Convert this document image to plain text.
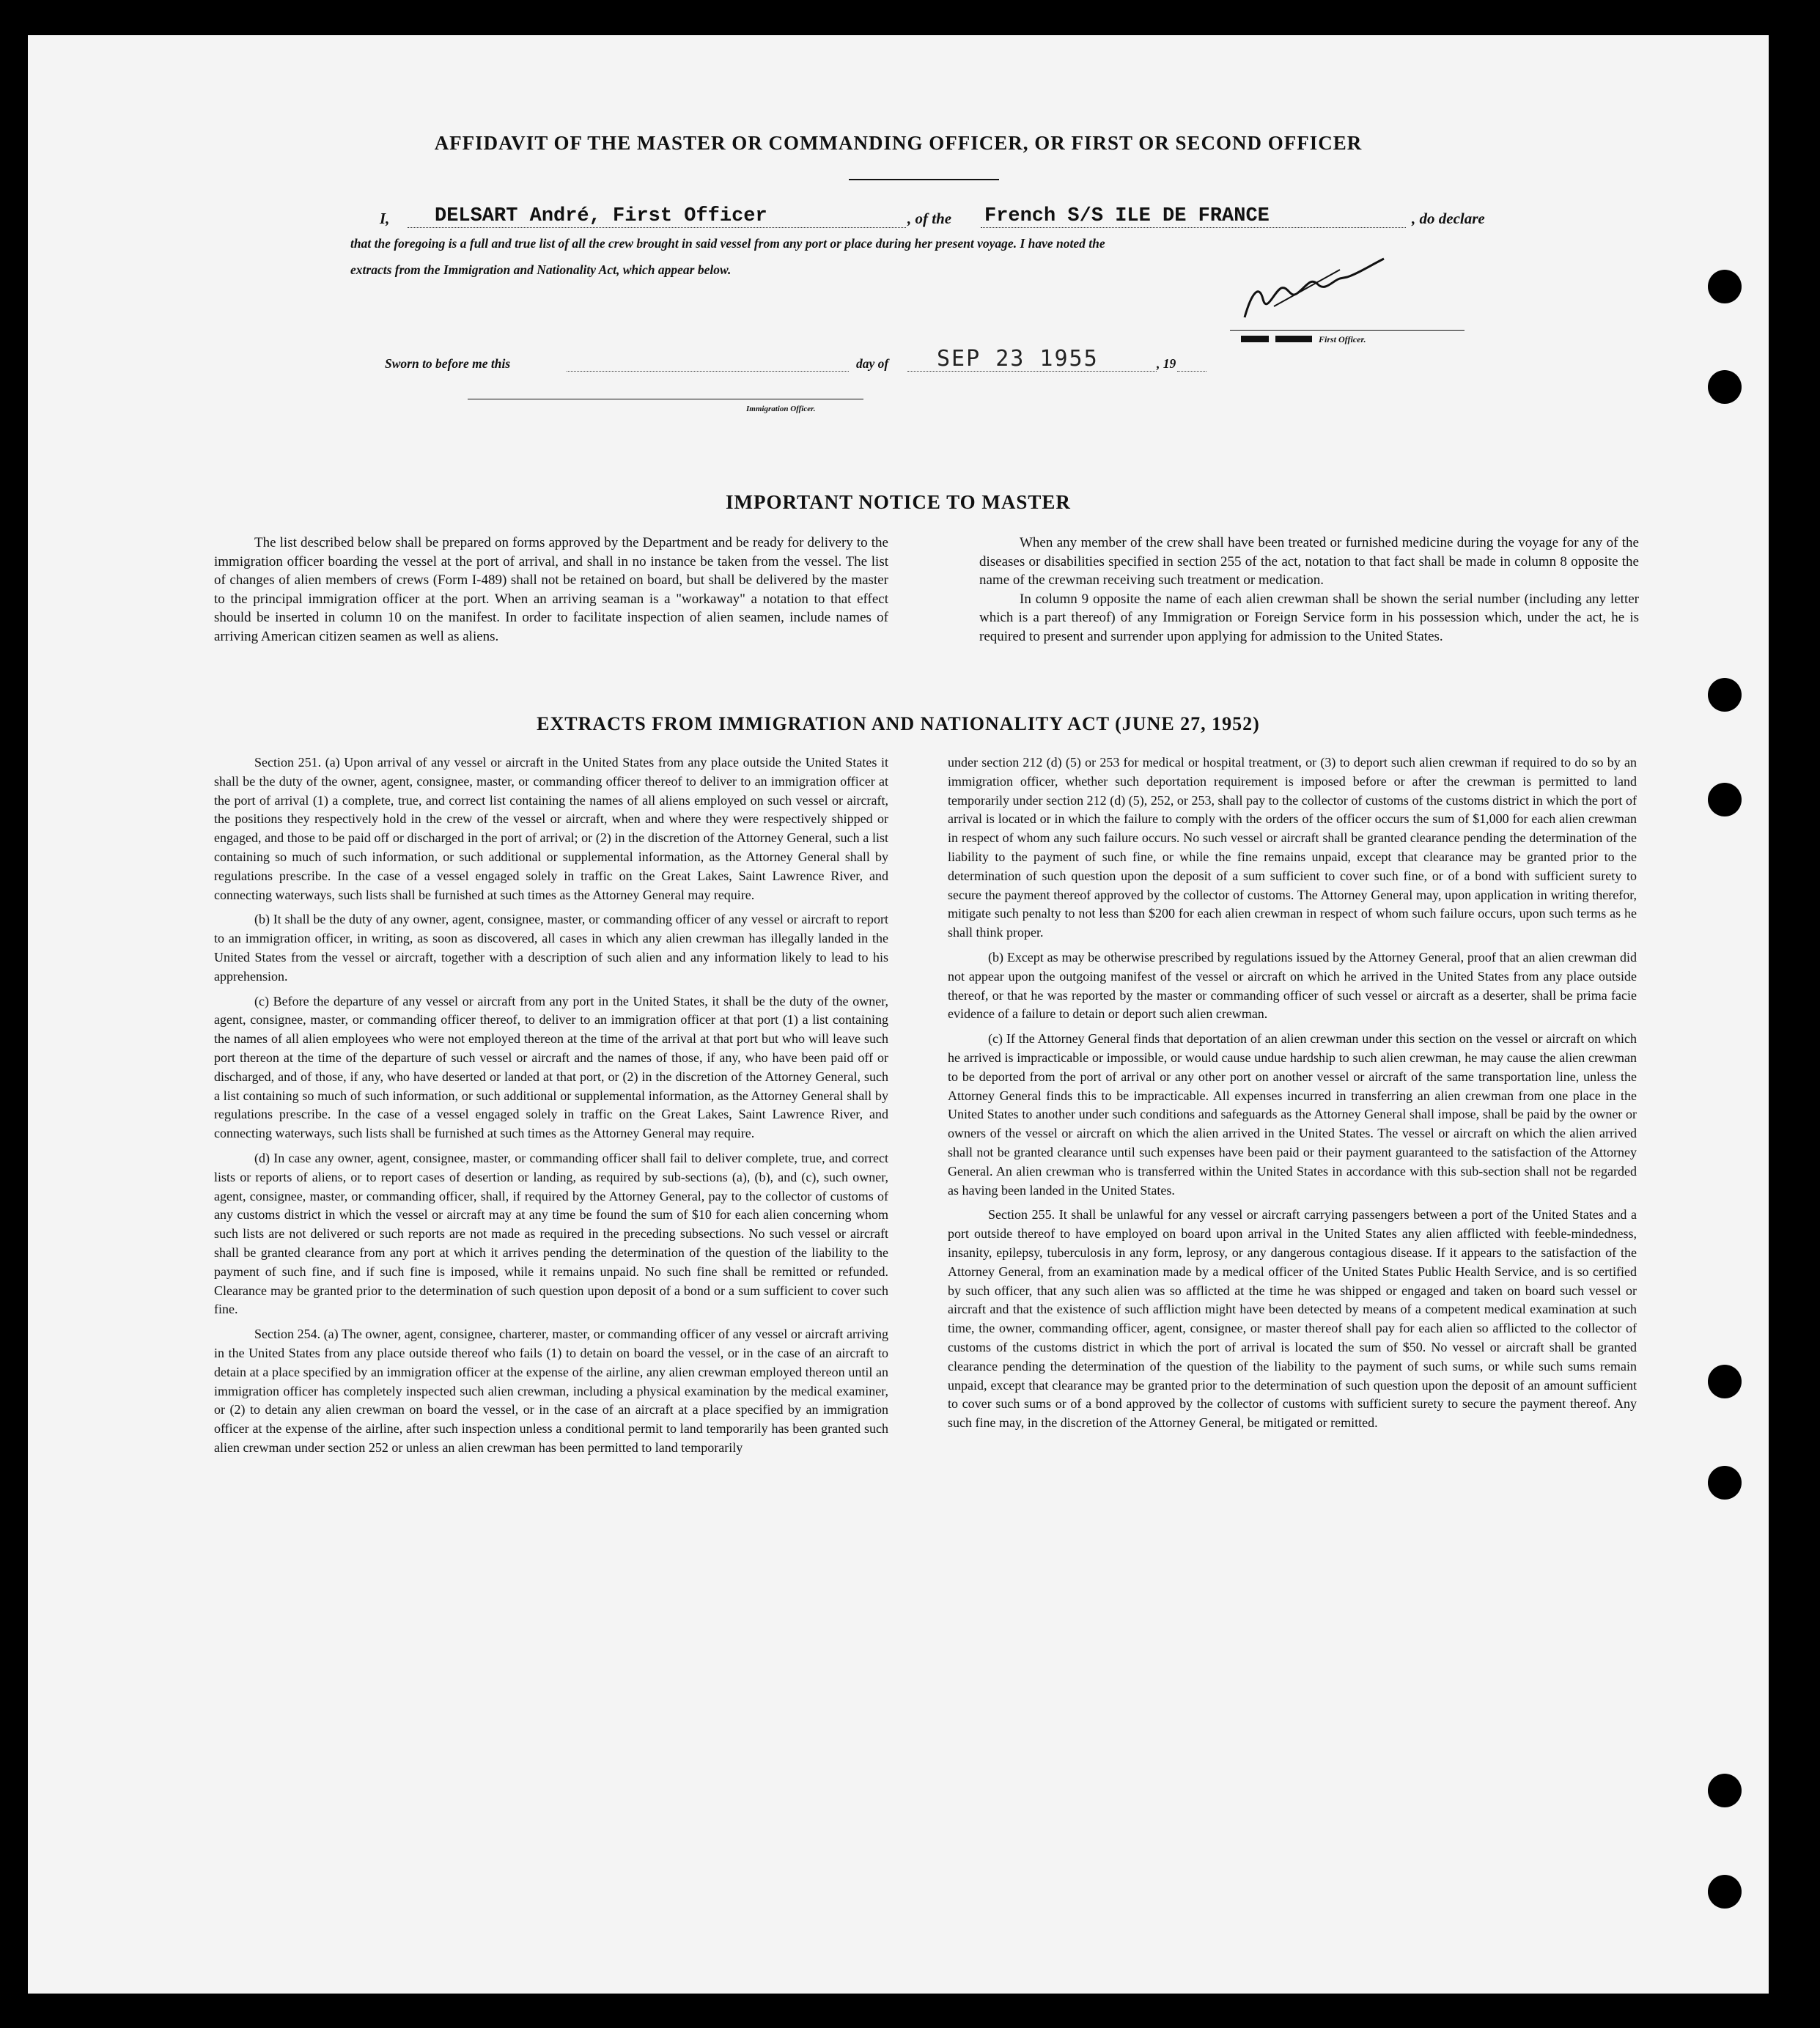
AFFIDAVIT OF THE MASTER OR COMMANDING OFFICER, OR FIRST OR SECOND OFFICER
I, DELSART André, First Officer	, of the French S/S ILE DE FRANCE	, do declare
that the foregoing is a full and true list of all the crew brought in said vessel from any port or place during her present voyage. I have noted the
extracts from the Immigration and Nationality Act, which appear below.
First Officer.
Sworn to before me this	day of SEP 23 1955	, 19
Immigration Officer.
IMPORTANT NOTICE TO MASTER

The list described below shall be prepared on forms approved by the Department and be ready for delivery to the immigration officer boarding the vessel at the port of arrival, and shall in no instance be taken from the vessel. The list of changes of alien members of crews (Form I-489) shall not be retained on board, but shall be delivered by the master to the principal immigration officer at the port. When an arriving seaman is a "workaway" a notation to that effect should be inserted in column 10 on the manifest. In order to facilitate inspection of alien seamen, include names of arriving American citizen seamen as well as aliens.

When any member of the crew shall have been treated or furnished medicine during the voyage for any of the diseases or disabilities specified in section 255 of the act, notation to that fact shall be made in column 8 opposite the name of the crewman receiving such treatment or medication.

In column 9 opposite the name of each alien crewman shall be shown the serial number (including any letter which is a part thereof) of any Immigration or Foreign Service form in his possession which, under the act, he is required to present and surrender upon applying for admission to the United States.

EXTRACTS FROM IMMIGRATION AND NATIONALITY ACT (JUNE 27, 1952)

Section 251. (a) Upon arrival of any vessel or aircraft in the United States from any place outside the United States it shall be the duty of the owner, agent, consignee, master, or commanding officer thereof to deliver to an immigration officer at the port of arrival (1) a complete, true, and correct list containing the names of all aliens employed on such vessel or aircraft, the positions they respectively hold in the crew of the vessel or aircraft, when and where they were respectively shipped or engaged, and those to be paid off or discharged in the port of arrival; or (2) in the discretion of the Attorney General, such a list containing so much of such information, or such additional or supplemental information, as the Attorney General shall by regulations prescribe. In the case of a vessel engaged solely in traffic on the Great Lakes, Saint Lawrence River, and connecting waterways, such lists shall be furnished at such times as the Attorney General may require.

(b) It shall be the duty of any owner, agent, consignee, master, or commanding officer of any vessel or aircraft to report to an immigration officer, in writing, as soon as discovered, all cases in which any alien crewman has illegally landed in the United States from the vessel or aircraft, together with a description of such alien and any information likely to lead to his apprehension.

(c) Before the departure of any vessel or aircraft from any port in the United States, it shall be the duty of the owner, agent, consignee, master, or commanding officer thereof, to deliver to an immigration officer at that port (1) a list containing the names of all alien employees who were not employed thereon at the time of the arrival at that port but who will leave such port thereon at the time of the departure of such vessel or aircraft and the names of those, if any, who have been paid off or discharged, and of those, if any, who have deserted or landed at that port, or (2) in the discretion of the Attorney General, such a list containing so much of such information, or such additional or supplemental information, as the Attorney General shall by regulations prescribe. In the case of a vessel engaged solely in traffic on the Great Lakes, Saint Lawrence River, and connecting waterways, such lists shall be furnished at such times as the Attorney General may require.

(d) In case any owner, agent, consignee, master, or commanding officer shall fail to deliver complete, true, and correct lists or reports of aliens, or to report cases of desertion or landing, as required by sub-sections (a), (b), and (c), such owner, agent, consignee, master, or commanding officer, shall, if required by the Attorney General, pay to the collector of customs of any customs district in which the vessel or aircraft may at any time be found the sum of $10 for each alien concerning whom such lists are not delivered or such reports are not made as required in the preceding subsections. No such vessel or aircraft shall be granted clearance from any port at which it arrives pending the determination of the question of the liability to the payment of such fine, and if such fine is imposed, while it remains unpaid. No such fine shall be remitted or refunded. Clearance may be granted prior to the determination of such question upon deposit of a bond or a sum sufficient to cover such fine.

Section 254. (a) The owner, agent, consignee, charterer, master, or commanding officer of any vessel or aircraft arriving in the United States from any place outside thereof who fails (1) to detain on board the vessel, or in the case of an aircraft to detain at a place specified by an immigration officer at the expense of the airline, any alien crewman employed thereon until an immigration officer has completely inspected such alien crewman, including a physical examination by the medical examiner, or (2) to detain any alien crewman on board the vessel, or in the case of an aircraft at a place specified by an immigration officer at the expense of the airline, after such inspection unless a conditional permit to land temporarily has been granted such alien crewman under section 252 or unless an alien crewman has been permitted to land temporarily

under section 212 (d) (5) or 253 for medical or hospital treatment, or (3) to deport such alien crewman if required to do so by an immigration officer, whether such deportation requirement is imposed before or after the crewman is permitted to land temporarily under section 212 (d) (5), 252, or 253, shall pay to the collector of customs of the customs district in which the port of arrival is located or in which the failure to comply with the orders of the officer occurs the sum of $1,000 for each alien crewman in respect of whom any such failure occurs. No such vessel or aircraft shall be granted clearance pending the determination of the liability to the payment of such fine, or while the fine remains unpaid, except that clearance may be granted prior to the determination of such question upon the deposit of a sum sufficient to cover such fine, or of a bond with sufficient surety to secure the payment thereof approved by the collector of customs. The Attorney General may, upon application in writing therefor, mitigate such penalty to not less than $200 for each alien crewman in respect of whom such failure occurs, upon such terms as he shall think proper.

(b) Except as may be otherwise prescribed by regulations issued by the Attorney General, proof that an alien crewman did not appear upon the outgoing manifest of the vessel or aircraft on which he arrived in the United States from any place outside thereof, or that he was reported by the master or commanding officer of such vessel or aircraft as a deserter, shall be prima facie evidence of a failure to detain or deport such alien crewman.

(c) If the Attorney General finds that deportation of an alien crewman under this section on the vessel or aircraft on which he arrived is impracticable or impossible, or would cause undue hardship to such alien crewman, he may cause the alien crewman to be deported from the port of arrival or any other port on another vessel or aircraft of the same transportation line, unless the Attorney General finds this to be impracticable. All expenses incurred in transferring an alien crewman from one place in the United States to another under such conditions and safeguards as the Attorney General shall impose, shall be paid by the owner or owners of the vessel or aircraft on which the alien arrived in the United States. The vessel or aircraft on which the alien arrived shall not be granted clearance until such expenses have been paid or their payment guaranteed to the satisfaction of the Attorney General. An alien crewman who is transferred within the United States in accordance with this sub-section shall not be regarded as having been landed in the United States.

Section 255. It shall be unlawful for any vessel or aircraft carrying passengers between a port of the United States and a port outside thereof to have employed on board upon arrival in the United States any alien afflicted with feeble-mindedness, insanity, epilepsy, tuberculosis in any form, leprosy, or any dangerous contagious disease. If it appears to the satisfaction of the Attorney General, from an examination made by a medical officer of the United States Public Health Service, and is so certified by such officer, that any such alien was so afflicted at the time he was shipped or engaged and taken on board such vessel or aircraft and that the existence of such affliction might have been detected by means of a competent medical examination at such time, the owner, commanding officer, agent, consignee, or master thereof shall pay for each alien so afflicted to the collector of customs of the customs district in which the port of arrival is located the sum of $50. No vessel or aircraft shall be granted clearance pending the determination of the question of the liability to the payment of such sums, or while such sums remain unpaid, except that clearance may be granted prior to the determination of such question upon the deposit of an amount sufficient to cover such sums or of a bond approved by the collector of customs with sufficient surety to secure the payment thereof. Any such fine may, in the discretion of the Attorney General, be mitigated or remitted.
